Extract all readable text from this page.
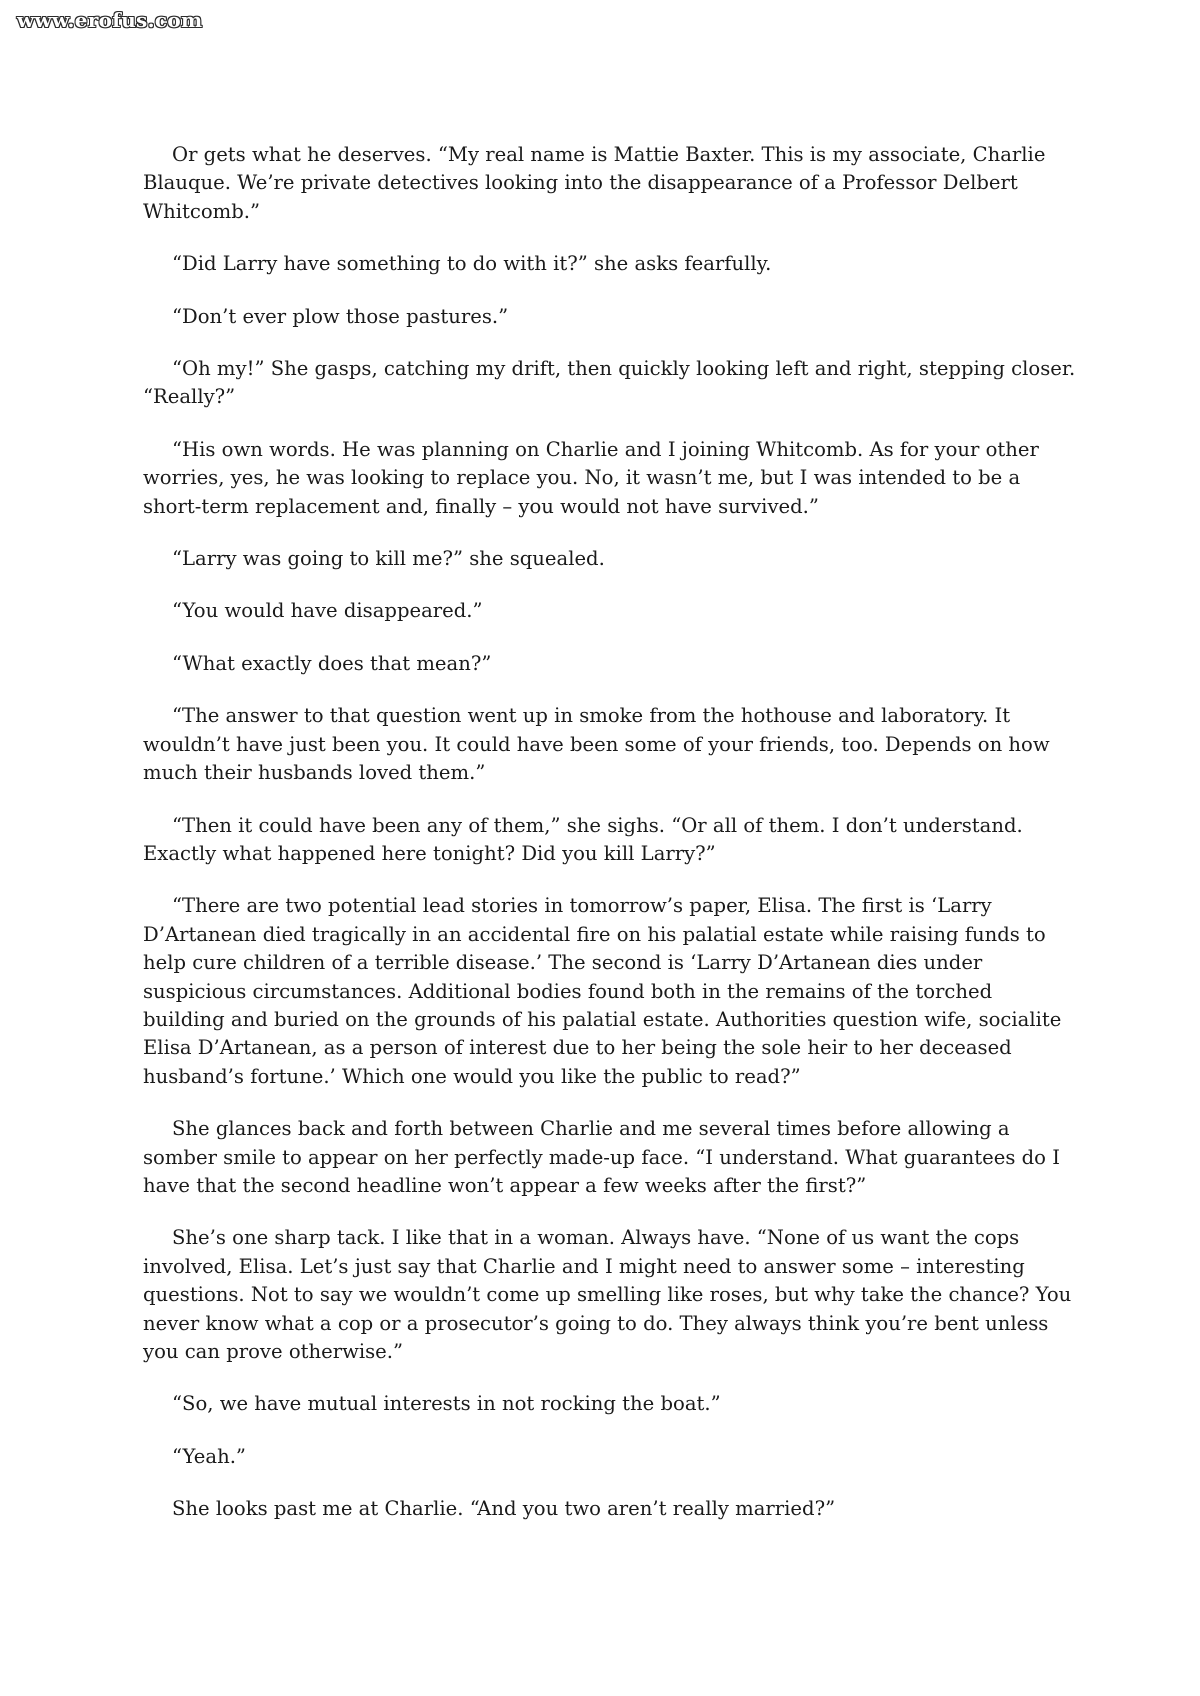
www.erofus.com

Or gets what he deserves. “My real name is Mattie Baxter. This is my associate, Charlie Blauque. We’re private detectives looking into the disappearance of a Professor Delbert Whitcomb.”

“Did Larry have something to do with it?” she asks fearfully.

“Don’t ever plow those pastures.”

“Oh my!” She gasps, catching my drift, then quickly looking left and right, stepping closer. “Really?”

“His own words. He was planning on Charlie and I joining Whitcomb. As for your other worries, yes, he was looking to replace you. No, it wasn’t me, but I was intended to be a short-term replacement and, finally – you would not have survived.”

“Larry was going to kill me?” she squealed.

“You would have disappeared.”

“What exactly does that mean?”

“The answer to that question went up in smoke from the hothouse and laboratory. It wouldn’t have just been you. It could have been some of your friends, too. Depends on how much their husbands loved them.”

“Then it could have been any of them,” she sighs. “Or all of them. I don’t understand. Exactly what happened here tonight? Did you kill Larry?”

“There are two potential lead stories in tomorrow’s paper, Elisa. The first is ‘Larry D’Artanean died tragically in an accidental fire on his palatial estate while raising funds to help cure children of a terrible disease.’ The second is ‘Larry D’Artanean dies under suspicious circumstances. Additional bodies found both in the remains of the torched building and buried on the grounds of his palatial estate. Authorities question wife, socialite Elisa D’Artanean, as a person of interest due to her being the sole heir to her deceased husband’s fortune.’ Which one would you like the public to read?”

She glances back and forth between Charlie and me several times before allowing a somber smile to appear on her perfectly made-up face. “I understand. What guarantees do I have that the second headline won’t appear a few weeks after the first?”

She’s one sharp tack. I like that in a woman. Always have. “None of us want the cops involved, Elisa. Let’s just say that Charlie and I might need to answer some – interesting questions. Not to say we wouldn’t come up smelling like roses, but why take the chance? You never know what a cop or a prosecutor’s going to do. They always think you’re bent unless you can prove otherwise.”

“So, we have mutual interests in not rocking the boat.”

“Yeah.”

She looks past me at Charlie. “And you two aren’t really married?”
